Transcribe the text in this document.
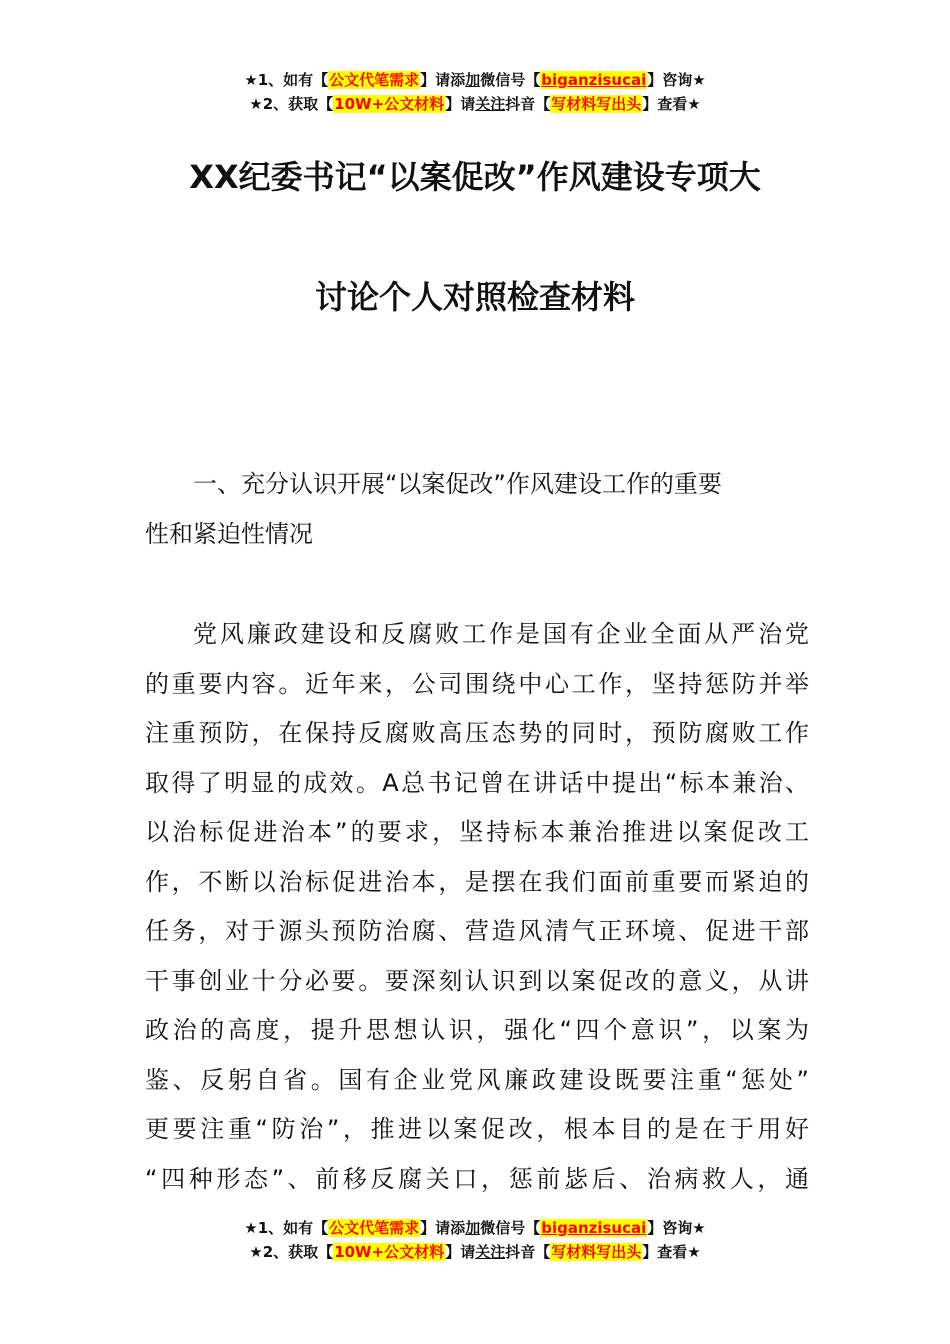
★1、如有【公文代笔需求】请添加微信号【biganzisucai】咨询★
★2、获取【10W+公文材料】请关注抖音【写材料写出头】查看★
XX纪委书记“以案促改”作风建设专项大
讨论个人对照检查材料
一、充分认识开展“以案促改”作风建设工作的重要
性和紧迫性情况
党风廉政建设和反腐败工作是国有企业全面从严治党
的重要内容。近年来，公司围绕中心工作，坚持惩防并举
注重预防，在保持反腐败高压态势的同时，预防腐败工作
取得了明显的成效。A总书记曾在讲话中提出“标本兼治、
以治标促进治本”的要求，坚持标本兼治推进以案促改工
作，不断以治标促进治本，是摆在我们面前重要而紧迫的
任务，对于源头预防治腐、营造风清气正环境、促进干部
干事创业十分必要。要深刻认识到以案促改的意义，从讲
政治的高度，提升思想认识，强化“四个意识”，以案为
鉴、反躬自省。国有企业党风廉政建设既要注重“惩处”
更要注重“防治”，推进以案促改，根本目的是在于用好
“四种形态”、前移反腐关口，惩前毖后、治病救人，通
★1、如有【公文代笔需求】请添加微信号【biganzisucai】咨询★
★2、获取【10W+公文材料】请关注抖音【写材料写出头】查看★
